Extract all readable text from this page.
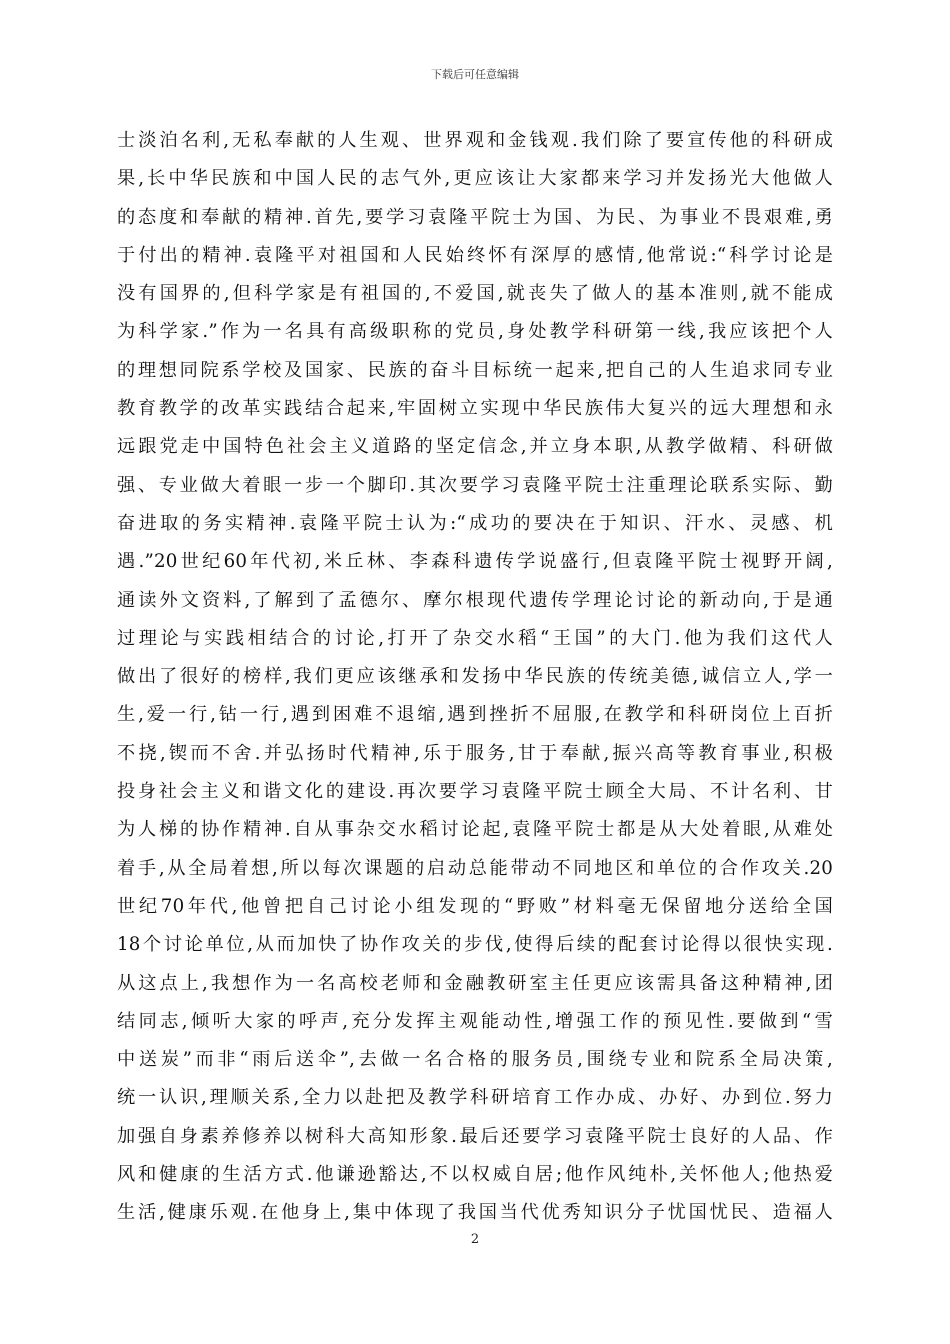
下载后可任意编辑
士淡泊名利,无私奉献的人生观、世界观和金钱观.我们除了要宣传他的科研成
果,长中华民族和中国人民的志气外,更应该让大家都来学习并发扬光大他做人
的态度和奉献的精神.首先,要学习袁隆平院士为国、为民、为事业不畏艰难,勇
于付出的精神.袁隆平对祖国和人民始终怀有深厚的感情,他常说:“科学讨论是
没有国界的,但科学家是有祖国的,不爱国,就丧失了做人的基本准则,就不能成
为科学家.”作为一名具有高级职称的党员,身处教学科研第一线,我应该把个人
的理想同院系学校及国家、民族的奋斗目标统一起来,把自己的人生追求同专业
教育教学的改革实践结合起来,牢固树立实现中华民族伟大复兴的远大理想和永
远跟党走中国特色社会主义道路的坚定信念,并立身本职,从教学做精、科研做
强、专业做大着眼一步一个脚印.其次要学习袁隆平院士注重理论联系实际、勤
奋进取的务实精神.袁隆平院士认为:“成功的要决在于知识、汗水、灵感、机
遇.”20世纪60年代初,米丘林、李森科遗传学说盛行,但袁隆平院士视野开阔,
通读外文资料,了解到了孟德尔、摩尔根现代遗传学理论讨论的新动向,于是通
过理论与实践相结合的讨论,打开了杂交水稻“王国”的大门.他为我们这代人
做出了很好的榜样,我们更应该继承和发扬中华民族的传统美德,诚信立人,学一
生,爱一行,钻一行,遇到困难不退缩,遇到挫折不屈服,在教学和科研岗位上百折
不挠,锲而不舍.并弘扬时代精神,乐于服务,甘于奉献,振兴高等教育事业,积极
投身社会主义和谐文化的建设.再次要学习袁隆平院士顾全大局、不计名利、甘
为人梯的协作精神.自从事杂交水稻讨论起,袁隆平院士都是从大处着眼,从难处
着手,从全局着想,所以每次课题的启动总能带动不同地区和单位的合作攻关.20
世纪70年代,他曾把自己讨论小组发现的“野败”材料毫无保留地分送给全国
18个讨论单位,从而加快了协作攻关的步伐,使得后续的配套讨论得以很快实现.
从这点上,我想作为一名高校老师和金融教研室主任更应该需具备这种精神,团
结同志,倾听大家的呼声,充分发挥主观能动性,增强工作的预见性.要做到“雪
中送炭”而非“雨后送伞”,去做一名合格的服务员,围绕专业和院系全局决策,
统一认识,理顺关系,全力以赴把及教学科研培育工作办成、办好、办到位.努力
加强自身素养修养以树科大高知形象.最后还要学习袁隆平院士良好的人品、作
风和健康的生活方式.他谦逊豁达,不以权威自居;他作风纯朴,关怀他人;他热爱
生活,健康乐观.在他身上,集中体现了我国当代优秀知识分子忧国忧民、造福人
2
